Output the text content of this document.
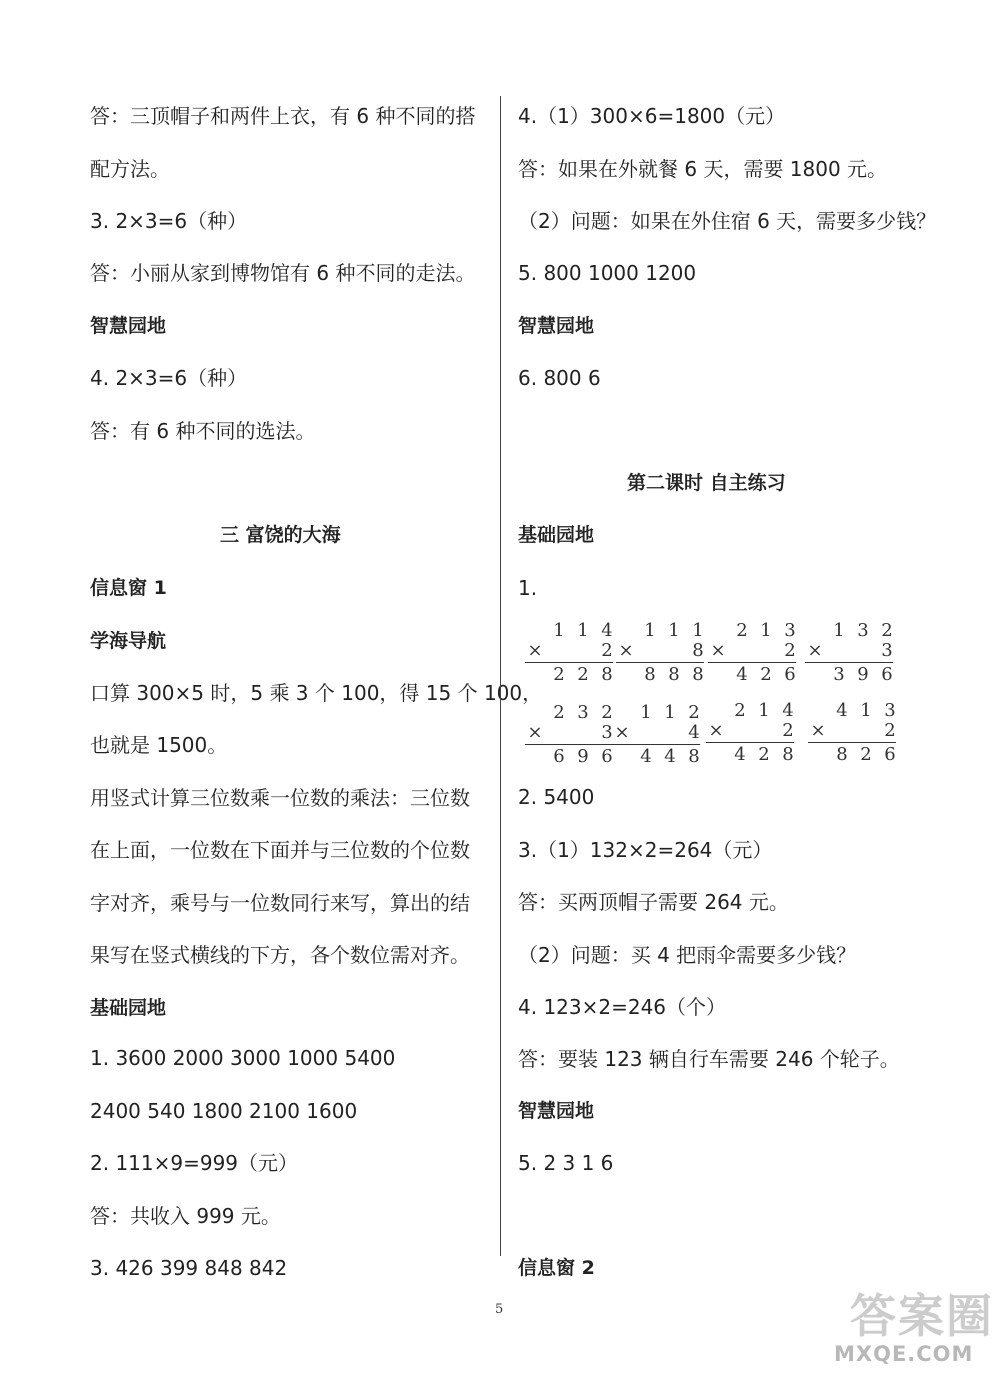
答：三顶帽子和两件上衣，有 6 种不同的搭
配方法。
3. 2×3=6（种）
答：小丽从家到博物馆有 6 种不同的走法。
智慧园地
4. 2×3=6（种）
答：有 6 种不同的选法。
三 富饶的大海
信息窗 1
学海导航
口算 300×5 时，5 乘 3 个 100，得 15 个 100，
也就是 1500。
用竖式计算三位数乘一位数的乘法：三位数
在上面，一位数在下面并与三位数的个位数
字对齐，乘号与一位数同行来写，算出的结
果写在竖式横线的下方，各个数位需对齐。
基础园地
1. 3600 2000 3000 1000 5400
2400 540 1800 2100 1600
2. 111×9=999（元）
答：共收入 999 元。
3. 426 399 848 842
4.（1）300×6=1800（元）
答：如果在外就餐 6 天，需要 1800 元。
（2）问题：如果在外住宿 6 天，需要多少钱？
5. 800 1000 1200
智慧园地
6. 800 6
基础园地
1.
2. 5400
3.（1）132×2=264（元）
答：买两顶帽子需要 264 元。
（2）问题：买 4 把雨伞需要多少钱？
4. 123×2=246（个）
答：要装 123 辆自行车需要 246 个轮子。
智慧园地
5. 2 3 1 6
信息窗 2
第二课时 自主练习
1 1 4
×	2
2 2 8
1 1 1
×	8
8 8 8
2 1 3
×	2
4 2 6
1 3 2
×	3
3 9 6
2 3 2
×	3
6 9 6
1 1 2
×	4
4 4 8
2 1 4
×	2
4 2 8
4 1 3
×	2
8 2 6
5	答案圈
MXQE.COM
